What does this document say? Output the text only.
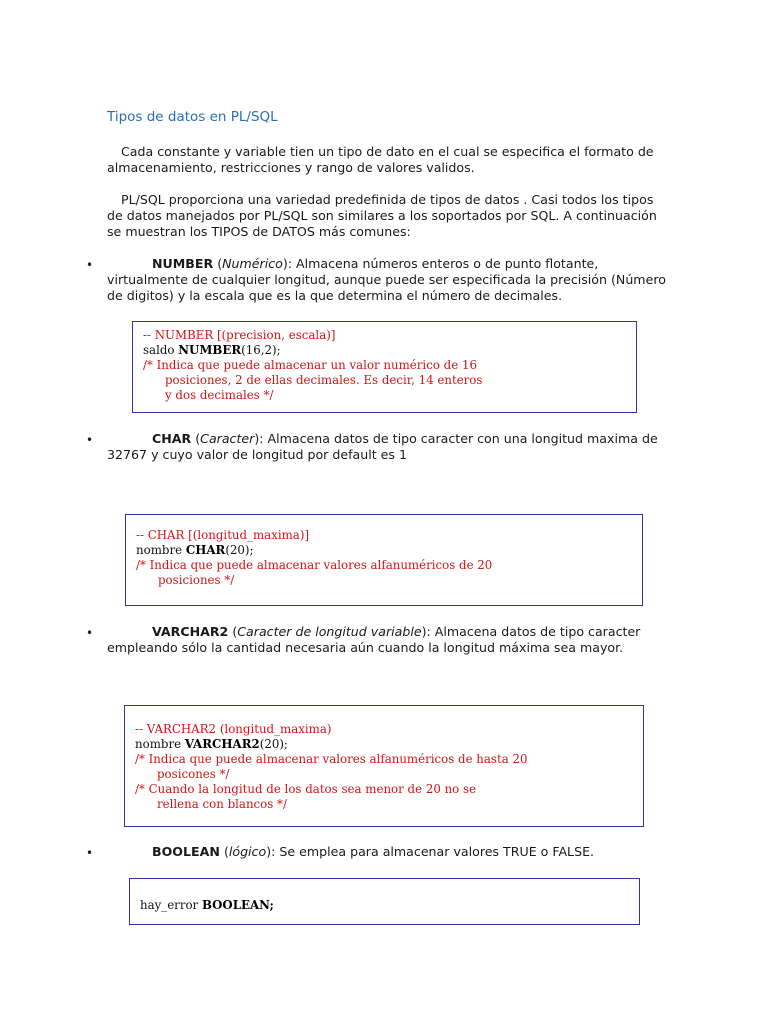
Tipos de datos en PL/SQL
Cada constante y variable tien un tipo de dato en el cual se especifica el formato de almacenamiento, restricciones y rango de valores validos.
PL/SQL proporciona una variedad predefinida de tipos de datos . Casi todos los tipos de datos manejados por PL/SQL son similares a los soportados por SQL. A continuación se muestran los TIPOS de DATOS más comunes:
•	NUMBER (Numérico): Almacena números enteros o de punto flotante, virtualmente de cualquier longitud, aunque puede ser especificada la precisión (Número de digitos) y la escala que es la que determina el número de decimales.
-- NUMBER [(precision, escala)]
saldo NUMBER(16,2);
/* Indica que puede almacenar un valor numérico de 16
posiciones, 2 de ellas decimales. Es decir, 14 enteros
y dos decimales */
•	CHAR (Caracter): Almacena datos de tipo caracter con una longitud maxima de 32767 y cuyo valor de longitud por default es 1
-- CHAR [(longitud_maxima)]
nombre CHAR(20);
/* Indica que puede almacenar valores alfanuméricos de 20
posiciones */
•	VARCHAR2 (Caracter de longitud variable): Almacena datos de tipo caracter empleando sólo la cantidad necesaria aún cuando la longitud máxima sea mayor.
-- VARCHAR2 (longitud_maxima)
nombre VARCHAR2(20);
/* Indica que puede almacenar valores alfanuméricos de hasta 20
posicones */
/* Cuando la longitud de los datos sea menor de 20 no se
rellena con blancos */
•	BOOLEAN (lógico): Se emplea para almacenar valores TRUE o FALSE.
hay_error BOOLEAN;
